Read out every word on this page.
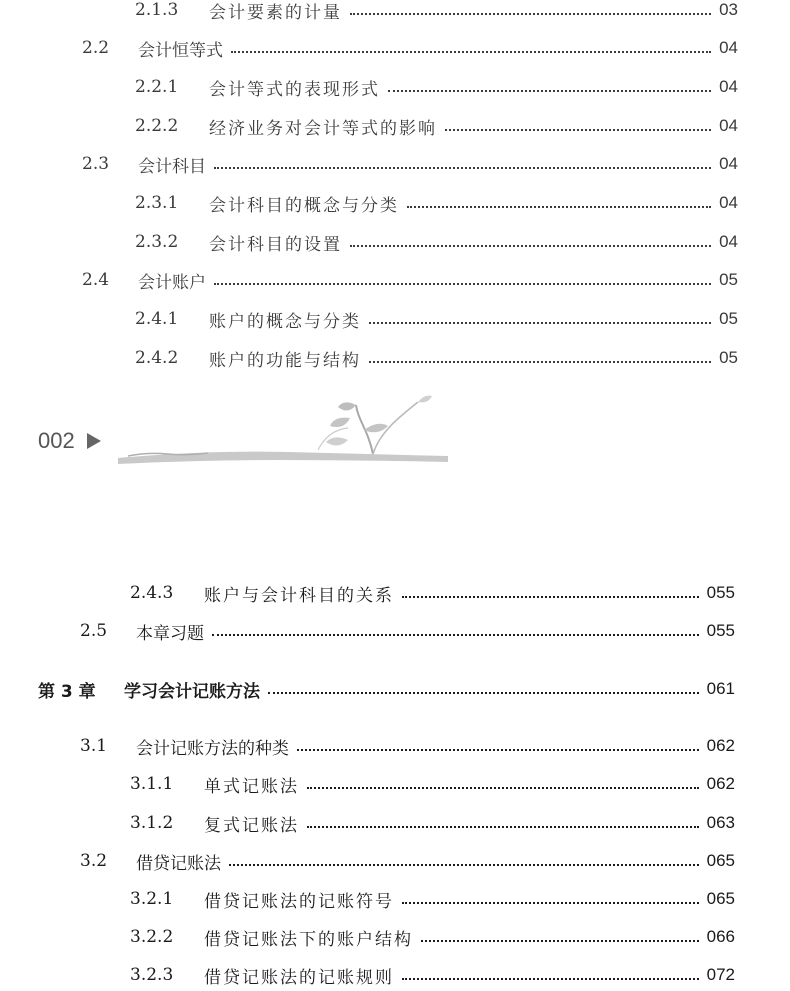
2.1.3	会计要素的计量	03
2.2	会计恒等式	04
2.2.1	会计等式的表现形式	04
2.2.2	经济业务对会计等式的影响	04
2.3	会计科目	04
2.3.1	会计科目的概念与分类	04
2.3.2	会计科目的设置	04
2.4	会计账户	05
2.4.1	账户的概念与分类	05
2.4.2	账户的功能与结构	05
002
2.4.3	账户与会计科目的关系	055
2.5	本章习题	055
第 3 章	学习会计记账方法	061
3.1	会计记账方法的种类	062
3.1.1	单式记账法	062
3.1.2	复式记账法	063
3.2	借贷记账法	065
3.2.1	借贷记账法的记账符号	065
3.2.2	借贷记账法下的账户结构	066
3.2.3	借贷记账法的记账规则	072
